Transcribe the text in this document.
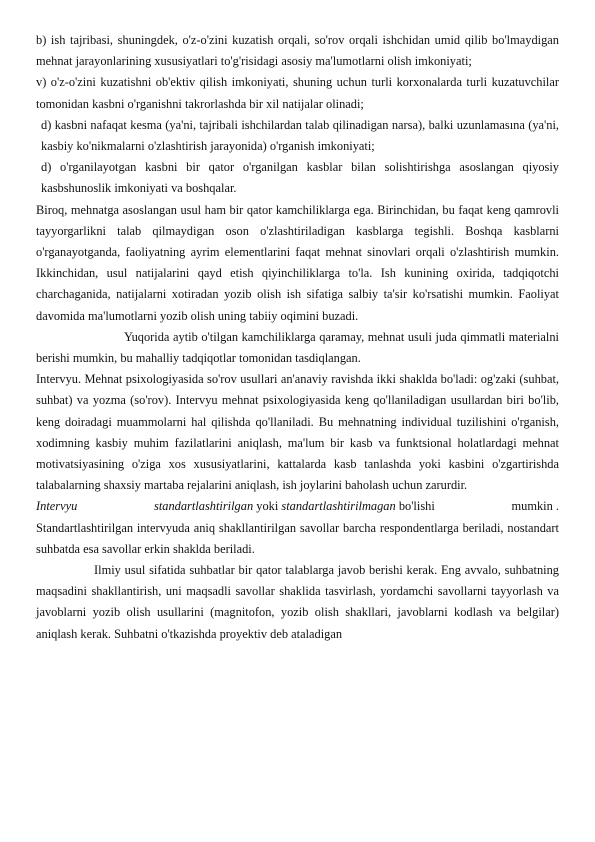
b) ish tajribasi, shuningdek, o'z-o'zini kuzatish orqali, so'rov orqali ishchidan umid qilib bo'lmaydigan mehnat jarayonlarining xususiyatlari to'g'risidagi asosiy ma'lumotlarni olish imkoniyati;

v) o'z-o'zini kuzatishni ob'ektiv qilish imkoniyati, shuning uchun turli korxonalarda turli kuzatuvchilar tomonidan kasbni o'rganishni takrorlashda bir xil natijalar olinadi;

d) kasbni nafaqat kesma (ya'ni, tajribali ishchilardan talab qilinadigan narsa), balki uzunlamasına (ya'ni, kasbiy ko'nikmalarni o'zlashtirish jarayonida) o'rganish imkoniyati;

d) o'rganilayotgan kasbni bir qator o'rganilgan kasblar bilan solishtirishga asoslangan qiyosiy kasbshunoslik imkoniyati va boshqalar.

Biroq, mehnatga asoslangan usul ham bir qator kamchiliklarga ega. Birinchidan, bu faqat keng qamrovli tayyorgarlikni talab qilmaydigan oson o'zlashtiriladigan kasblarga tegishli. Boshqa kasblarni o'rganayotganda, faoliyatning ayrim elementlarini faqat mehnat sinovlari orqali o'zlashtirish mumkin. Ikkinchidan, usul natijalarini qayd etish qiyinchiliklarga to'la. Ish kunining oxirida, tadqiqotchi charchaganida, natijalarni xotiradan yozib olish ish sifatiga salbiy ta'sir ko'rsatishi mumkin. Faoliyat davomida ma'lumotlarni yozib olish uning tabiiy oqimini buzadi.

Yuqorida aytib o'tilgan kamchiliklarga qaramay, mehnat usuli juda qimmatli materialni berishi mumkin, bu mahalliy tadqiqotlar tomonidan tasdiqlangan.

Intervyu. Mehnat psixologiyasida so'rov usullari an'anaviy ravishda ikki shaklda bo'ladi: og'zaki (suhbat, suhbat) va yozma (so'rov). Intervyu mehnat psixologiyasida keng qo'llaniladigan usullardan biri bo'lib, keng doiradagi muammolarni hal qilishda qo'llaniladi. Bu mehnatning individual tuzilishini o'rganish, xodimning kasbiy muhim fazilatlarini aniqlash, ma'lum bir kasb va funktsional holatlardagi mehnat motivatsiyasining o'ziga xos xususiyatlarini, kattalarda kasb tanlashda yoki kasbini o'zgartirishda talabalarning shaxsiy martaba rejalarini aniqlash, ish joylarini baholash uchun zarurdir.

Intervyu	standartlashtirilgan yoki standartlashtirilmagan bo'lishi	mumkin .

Standartlashtirilgan intervyuda aniq shakllantirilgan savollar barcha respondentlarga beriladi, nostandart suhbatda esa savollar erkin shaklda beriladi.

Ilmiy usul sifatida suhbatlar bir qator talablarga javob berishi kerak. Eng avvalo, suhbatning maqsadini shakllantirish, uni maqsadli savollar shaklida tasvirlash, yordamchi savollarni tayyorlash va javoblarni yozib olish usullarini (magnitofon, yozib olish shakllari, javoblarni kodlash va belgilar) aniqlash kerak. Suhbatni o'tkazishda proyektiv deb ataladigan
